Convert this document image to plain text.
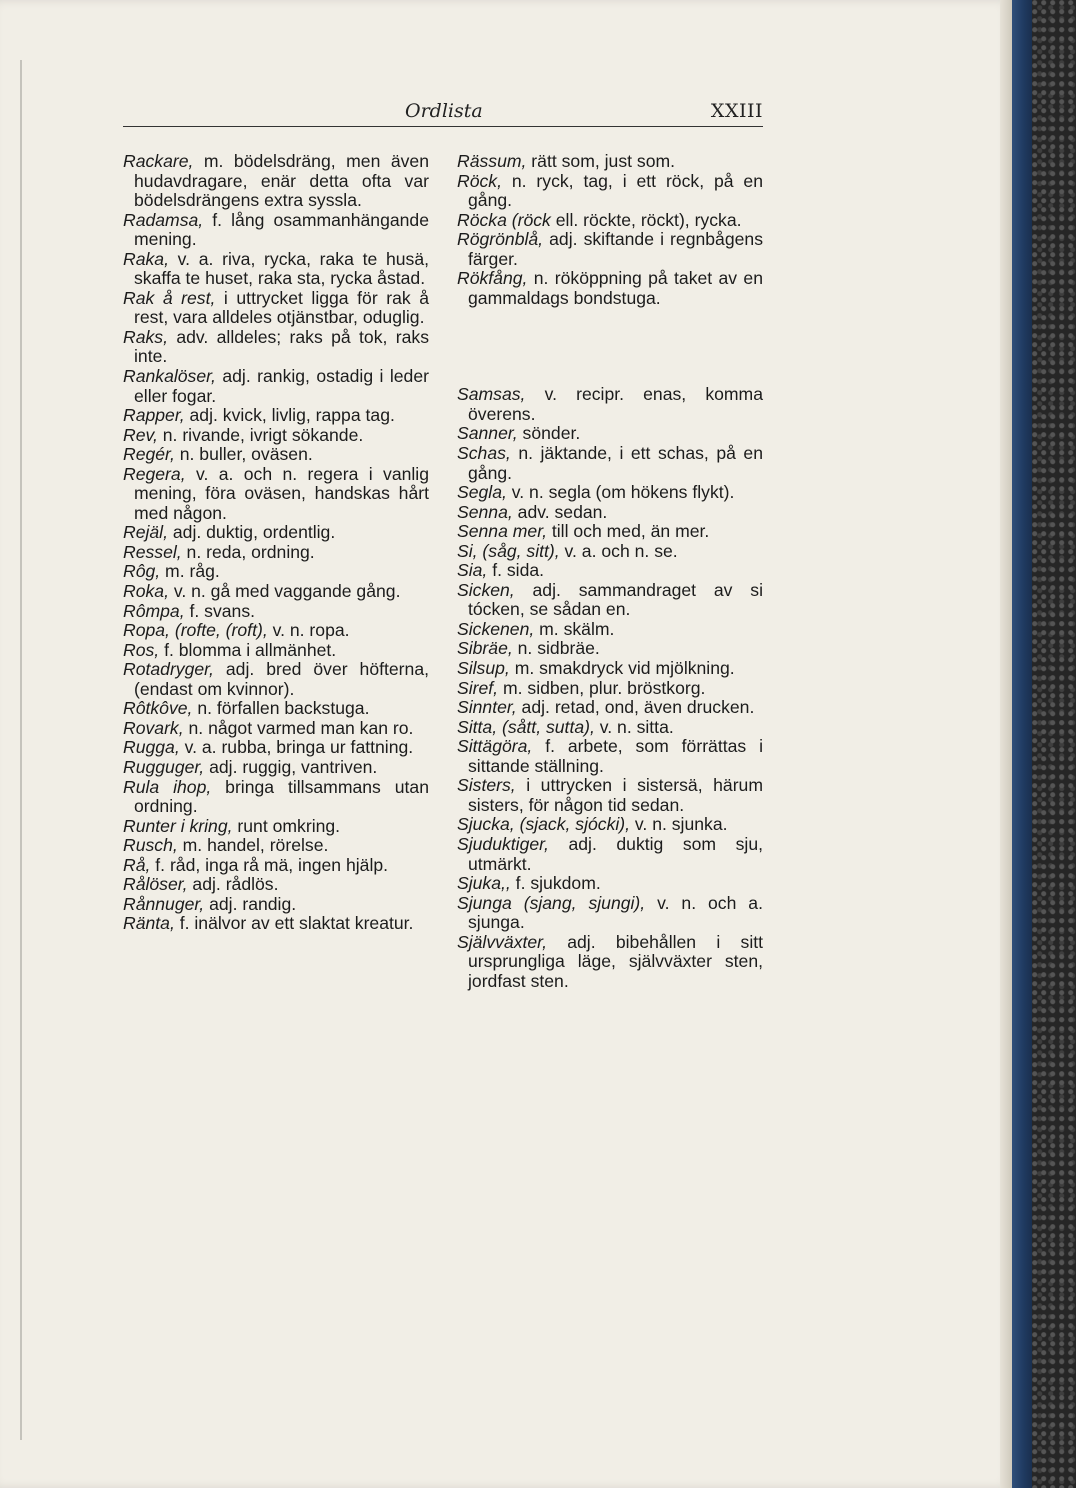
Ordlista	XXIII

Rackare, m. bödelsdräng, men även hudavdragare, enär detta ofta var bödelsdrängens extra syssla.

Radamsa, f. lång osammanhängande mening.

Raka, v. a. riva, rycka, raka te husä, skaffa te huset, raka sta, rycka åstad.

Rak å rest, i uttrycket ligga för rak å rest, vara alldeles otjänstbar, oduglig.

Raks, adv. alldeles; raks på tok, raks inte.

Rankalöser, adj. rankig, ostadig i leder eller fogar.

Rapper, adj. kvick, livlig, rappa tag.

Rev, n. rivande, ivrigt sökande.

Regér, n. buller, oväsen.

Regera, v. a. och n. regera i vanlig mening, föra oväsen, handskas hårt med någon.

Rejäl, adj. duktig, ordentlig.

Ressel, n. reda, ordning.

Rôg, m. råg.

Roka, v. n. gå med vaggande gång.

Rômpa, f. svans.

Ropa, (rofte, (roft), v. n. ropa.

Ros, f. blomma i allmänhet.

Rotadryger, adj. bred över höfterna, (endast om kvinnor).

Rôtkôve, n. förfallen backstuga.

Rovark, n. något varmed man kan ro.

Rugga, v. a. rubba, bringa ur fattning.

Rugguger, adj. ruggig, vantriven.

Rula ihop, bringa tillsammans utan ordning.

Runter i kring, runt omkring.

Rusch, m. handel, rörelse.

Rå, f. råd, inga rå mä, ingen hjälp.

Rålöser, adj. rådlös.

Rånnuger, adj. randig.

Ränta, f. inälvor av ett slaktat kreatur.

Rässum, rätt som, just som.

Röck, n. ryck, tag, i ett röck, på en gång.

Röcka (röck ell. röckte, röckt), rycka.

Rögrönblå, adj. skiftande i regnbågens färger.

Rökfång, n. rököppning på taket av en gammaldags bondstuga.

Samsas, v. recipr. enas, komma överens.

Sanner, sönder.

Schas, n. jäktande, i ett schas, på en gång.

Segla, v. n. segla (om hökens flykt).

Senna, adv. sedan.

Senna mer, till och med, än mer.

Si, (såg, sitt), v. a. och n. se.

Sia, f. sida.

Sicken, adj. sammandraget av si tócken, se sådan en.

Sickenen, m. skälm.

Sibräe, n. sidbräe.

Silsup, m. smakdryck vid mjölkning.

Siref, m. sidben, plur. bröstkorg.

Sinnter, adj. retad, ond, även drucken.

Sitta, (sått, sutta), v. n. sitta.

Sittägöra, f. arbete, som förrättas i sittande ställning.

Sisters, i uttrycken i sistersä, härum sisters, för någon tid sedan.

Sjucka, (sjack, sjócki), v. n. sjunka.

Sjuduktiger, adj. duktig som sju, utmärkt.

Sjuka,, f. sjukdom.

Sjunga (sjang, sjungi), v. n. och a. sjunga.

Självväxter, adj. bibehållen i sitt ursprungliga läge, självväxter sten, jordfast sten.
